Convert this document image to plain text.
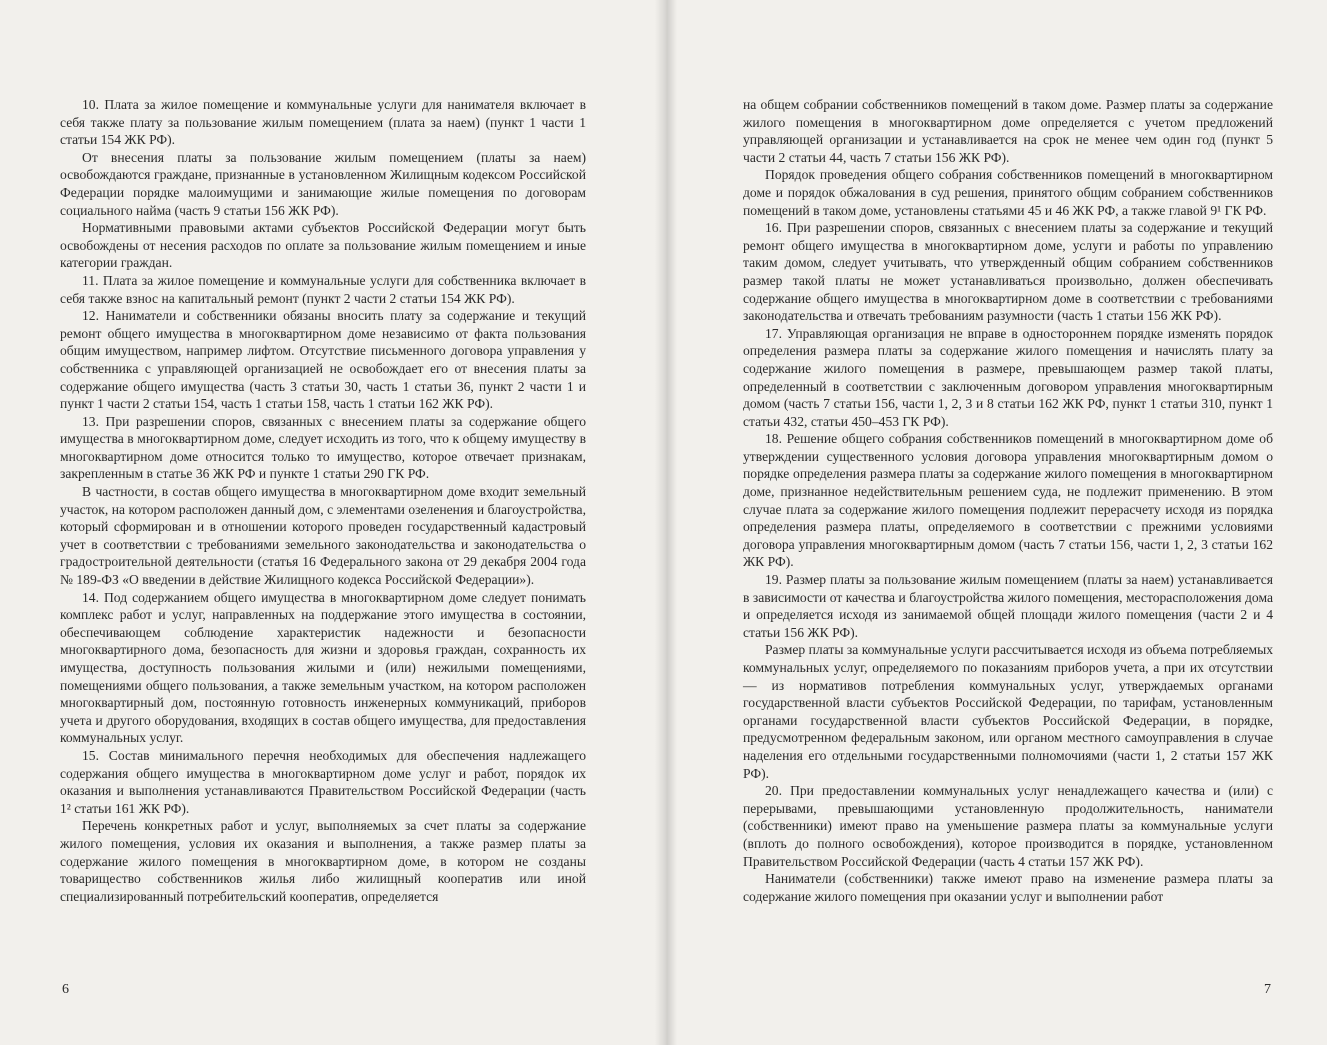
10. Плата за жилое помещение и коммунальные услуги для нанимателя включает в себя также плату за пользование жилым помещением (плата за наем) (пункт 1 части 1 статьи 154 ЖК РФ).

От внесения платы за пользование жилым помещением (платы за наем) освобождаются граждане, признанные в установленном Жилищным кодексом Российской Федерации порядке малоимущими и занимающие жилые помещения по договорам социального найма (часть 9 статьи 156 ЖК РФ).

Нормативными правовыми актами субъектов Российской Федерации могут быть освобождены от несения расходов по оплате за пользование жилым помещением и иные категории граждан.

11. Плата за жилое помещение и коммунальные услуги для собственника включает в себя также взнос на капитальный ремонт (пункт 2 части 2 статьи 154 ЖК РФ).

12. Наниматели и собственники обязаны вносить плату за содержание и текущий ремонт общего имущества в многоквартирном доме независимо от факта пользования общим имуществом, например лифтом. Отсутствие письменного договора управления у собственника с управляющей организацией не освобождает его от внесения платы за содержание общего имущества (часть 3 статьи 30, часть 1 статьи 36, пункт 2 части 1 и пункт 1 части 2 статьи 154, часть 1 статьи 158, часть 1 статьи 162 ЖК РФ).

13. При разрешении споров, связанных с внесением платы за содержание общего имущества в многоквартирном доме, следует исходить из того, что к общему имуществу в многоквартирном доме относится только то имущество, которое отвечает признакам, закрепленным в статье 36 ЖК РФ и пункте 1 статьи 290 ГК РФ.

В частности, в состав общего имущества в многоквартирном доме входит земельный участок, на котором расположен данный дом, с элементами озеленения и благоустройства, который сформирован и в отношении которого проведен государственный кадастровый учет в соответствии с требованиями земельного законодательства и законодательства о градостроительной деятельности (статья 16 Федерального закона от 29 декабря 2004 года № 189-ФЗ «О введении в действие Жилищного кодекса Российской Федерации»).

14. Под содержанием общего имущества в многоквартирном доме следует понимать комплекс работ и услуг, направленных на поддержание этого имущества в состоянии, обеспечивающем соблюдение характеристик надежности и безопасности многоквартирного дома, безопасность для жизни и здоровья граждан, сохранность их имущества, доступность пользования жилыми и (или) нежилыми помещениями, помещениями общего пользования, а также земельным участком, на котором расположен многоквартирный дом, постоянную готовность инженерных коммуникаций, приборов учета и другого оборудования, входящих в состав общего имущества, для предоставления коммунальных услуг.

15. Состав минимального перечня необходимых для обеспечения надлежащего содержания общего имущества в многоквартирном доме услуг и работ, порядок их оказания и выполнения устанавливаются Правительством Российской Федерации (часть 1² статьи 161 ЖК РФ).

Перечень конкретных работ и услуг, выполняемых за счет платы за содержание жилого помещения, условия их оказания и выполнения, а также размер платы за содержание жилого помещения в многоквартирном доме, в котором не созданы товарищество собственников жилья либо жилищный кооператив или иной специализированный потребительский кооператив, определяется

6

на общем собрании собственников помещений в таком доме. Размер платы за содержание жилого помещения в многоквартирном доме определяется с учетом предложений управляющей организации и устанавливается на срок не менее чем один год (пункт 5 части 2 статьи 44, часть 7 статьи 156 ЖК РФ).

Порядок проведения общего собрания собственников помещений в многоквартирном доме и порядок обжалования в суд решения, принятого общим собранием собственников помещений в таком доме, установлены статьями 45 и 46 ЖК РФ, а также главой 9¹ ГК РФ.

16. При разрешении споров, связанных с внесением платы за содержание и текущий ремонт общего имущества в многоквартирном доме, услуги и работы по управлению таким домом, следует учитывать, что утвержденный общим собранием собственников размер такой платы не может устанавливаться произвольно, должен обеспечивать содержание общего имущества в многоквартирном доме в соответствии с требованиями законодательства и отвечать требованиям разумности (часть 1 статьи 156 ЖК РФ).

17. Управляющая организация не вправе в одностороннем порядке изменять порядок определения размера платы за содержание жилого помещения и начислять плату за содержание жилого помещения в размере, превышающем размер такой платы, определенный в соответствии с заключенным договором управления многоквартирным домом (часть 7 статьи 156, части 1, 2, 3 и 8 статьи 162 ЖК РФ, пункт 1 статьи 310, пункт 1 статьи 432, статьи 450–453 ГК РФ).

18. Решение общего собрания собственников помещений в многоквартирном доме об утверждении существенного условия договора управления многоквартирным домом о порядке определения размера платы за содержание жилого помещения в многоквартирном доме, признанное недействительным решением суда, не подлежит применению. В этом случае плата за содержание жилого помещения подлежит перерасчету исходя из порядка определения размера платы, определяемого в соответствии с прежними условиями договора управления многоквартирным домом (часть 7 статьи 156, части 1, 2, 3 статьи 162 ЖК РФ).

19. Размер платы за пользование жилым помещением (платы за наем) устанавливается в зависимости от качества и благоустройства жилого помещения, месторасположения дома и определяется исходя из занимаемой общей площади жилого помещения (части 2 и 4 статьи 156 ЖК РФ).

Размер платы за коммунальные услуги рассчитывается исходя из объема потребляемых коммунальных услуг, определяемого по показаниям приборов учета, а при их отсутствии — из нормативов потребления коммунальных услуг, утверждаемых органами государственной власти субъектов Российской Федерации, по тарифам, установленным органами государственной власти субъектов Российской Федерации, в порядке, предусмотренном федеральным законом, или органом местного самоуправления в случае наделения его отдельными государственными полномочиями (части 1, 2 статьи 157 ЖК РФ).

20. При предоставлении коммунальных услуг ненадлежащего качества и (или) с перерывами, превышающими установленную продолжительность, наниматели (собственники) имеют право на уменьшение размера платы за коммунальные услуги (вплоть до полного освобождения), которое производится в порядке, установленном Правительством Российской Федерации (часть 4 статьи 157 ЖК РФ).

Наниматели (собственники) также имеют право на изменение размера платы за содержание жилого помещения при оказании услуг и выполнении работ

7
